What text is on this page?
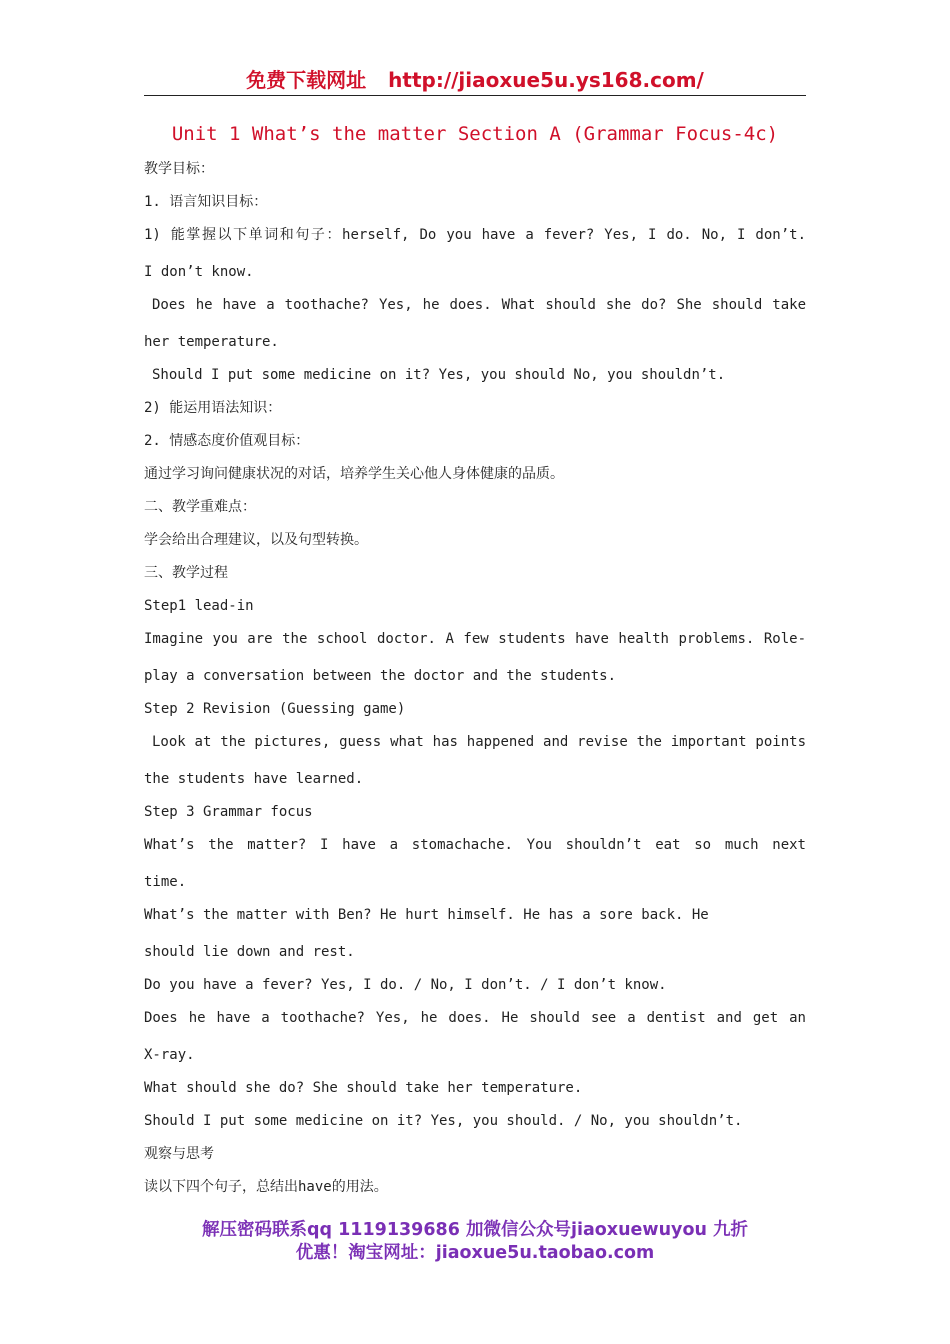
免费下载网址 http://jiaoxue5u.ys168.com/
Unit 1 What’s the matter Section A (Grammar Focus-4c)
教学目标：
1. 语言知识目标：
1) 能掌握以下单词和句子：herself, Do you have a fever? Yes, I do. No, I don’t.
I don’t know.
Does he have a toothache? Yes, he does. What should she do? She should take
her temperature.
Should I put some medicine on it? Yes, you should No, you shouldn’t.
2) 能运用语法知识：
2. 情感态度价值观目标：
通过学习询问健康状况的对话，培养学生关心他人身体健康的品质。
二、教学重难点：
学会给出合理建议，以及句型转换。
三、教学过程
Step1 lead-in
Imagine you are the school doctor. A few students have health problems. Role-
play a conversation between the doctor and the students.
Step 2 Revision (Guessing game)
Look at the pictures, guess what has happened and revise the important points
the students have learned.
Step 3 Grammar focus
What’s the matter? I have a stomachache. You shouldn’t eat so much next
time.
What’s the matter with Ben? He hurt himself. He has a sore back. He
should lie down and rest.
Do you have a fever? Yes, I do. / No, I don’t. / I don’t know.
Does he have a toothache? Yes, he does. He should see a dentist and get an
X-ray.
What should she do? She should take her temperature.
Should I put some medicine on it? Yes, you should. / No, you shouldn’t.
观察与思考
读以下四个句子，总结出have的用法。
解压密码联系qq 1119139686 加微信公众号jiaoxuewuyou 九折
优惠！淘宝网址：jiaoxue5u.taobao.com
